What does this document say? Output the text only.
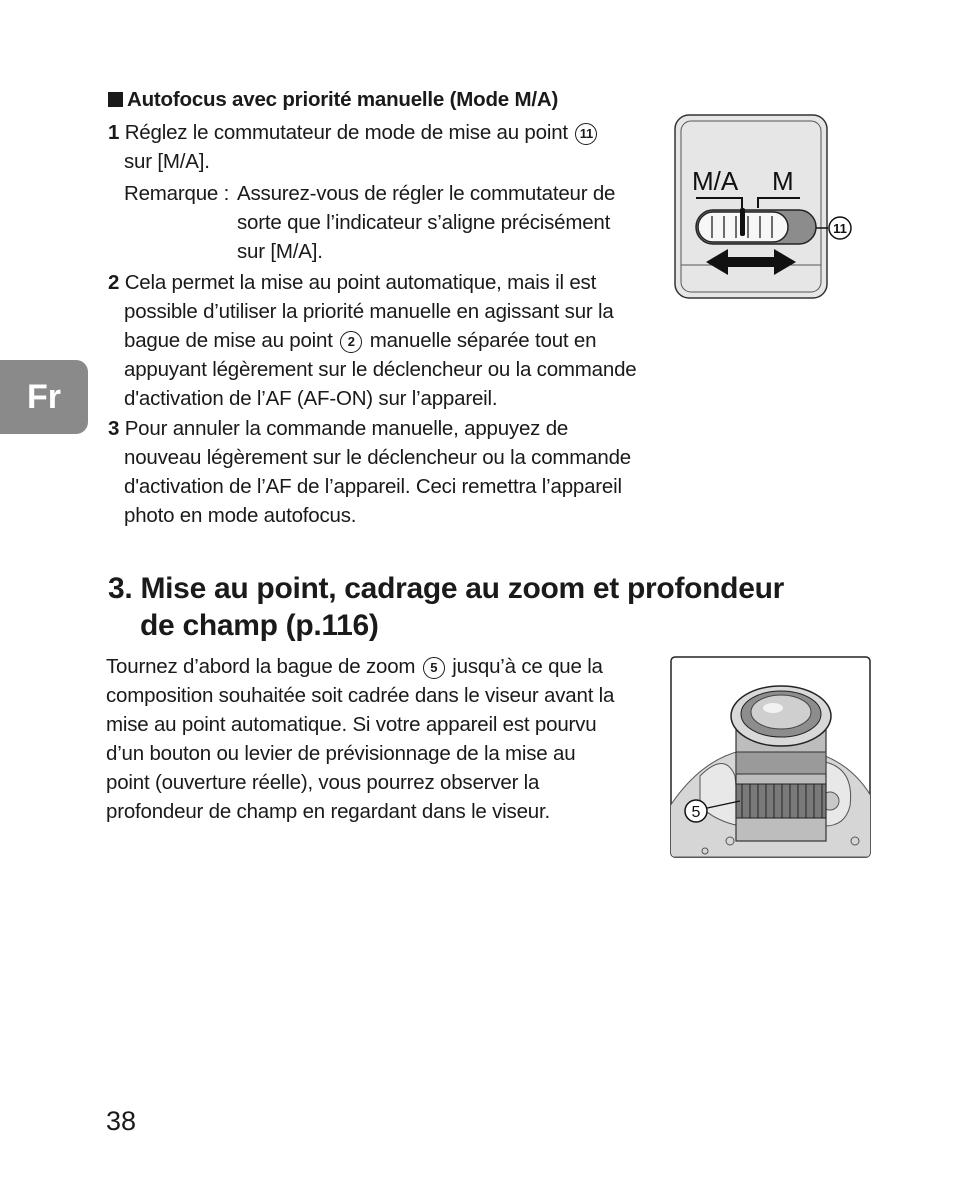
Fr
Autofocus avec priorité manuelle (Mode M/A)
1 Réglez le commutateur de mode de mise au point 11
sur [M/A].
Remarque : Assurez-vous de régler le commutateur de
sorte que l’indicateur s’aligne précisément
sur [M/A].
2 Cela permet la mise au point automatique, mais il est
possible d’utiliser la priorité manuelle en agissant sur la
bague de mise au point 2 manuelle séparée tout en
appuyant légèrement sur le déclencheur ou la commande
d'activation de l’AF (AF-ON) sur l’appareil.
3 Pour annuler la commande manuelle, appuyez de
nouveau légèrement sur le déclencheur ou la commande
d'activation de l’AF de l’appareil. Ceci remettra l’appareil
photo en mode autofocus.
M/A M
11
3. Mise au point, cadrage au zoom et profondeur
de champ (p.116)
Tournez d’abord la bague de zoom 5 jusqu’à ce que la
composition souhaitée soit cadrée dans le viseur avant la
mise au point automatique. Si votre appareil est pourvu
d’un bouton ou levier de prévisionnage de la mise au
point (ouverture réelle), vous pourrez observer la
profondeur de champ en regardant dans le viseur.	5
38
